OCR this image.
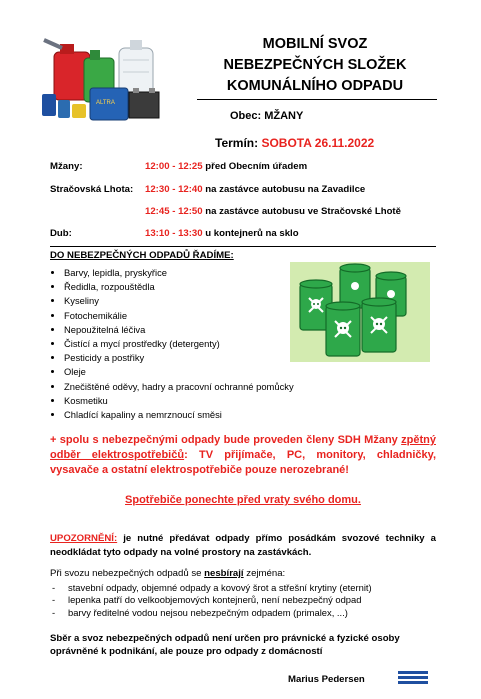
ALTRA
MOBILNÍ SVOZ
NEBEZPEČNÝCH SLOŽEK
KOMUNÁLNÍHO ODPADU
Obec: MŽANY
Termín: SOBOTA 26.11.2022
Mžany:	12:00 - 12:25 před Obecním úřadem
Stračovská Lhota: 12:30 - 12:40 na zastávce autobusu na Zavadilce
12:45 - 12:50 na zastávce autobusu ve Stračovské Lhotě
Dub:	13:10 - 13:30 u kontejnerů na sklo
DO NEBEZPEČNÝCH ODPADŮ ŘADÍME:
• Barvy, lepidla, pryskyřice
• Ředidla, rozpouštědla
• Kyseliny
• Fotochemikálie
• Nepoužitelná léčiva
• Čistící a mycí prostředky (detergenty)
• Pesticidy a postřiky
• Oleje
• Znečištěné oděvy, hadry a pracovní ochranné pomůcky
• Kosmetiku
• Chladící kapaliny a nemrznoucí směsi
+ spolu s nebezpečnými odpady bude proveden členy SDH Mžany zpětný odběr elektrospotřebičů: TV přijímače, PC, monitory, chladničky, vysavače a ostatní elektrospotřebiče pouze nerozebrané!
Spotřebiče ponechte před vraty svého domu.
UPOZORNĚNÍ: je nutné předávat odpady přímo posádkám svozové techniky a neodkládat tyto odpady na volné prostory na zastávkách.
Při svozu nebezpečných odpadů se nesbírají zejména:
- stavební odpady, objemné odpady a kovový šrot a střešní krytiny (eternit)
- lepenka patří do velkoobjemových kontejnerů, není nebezpečný odpad
- barvy ředitelné vodou nejsou nebezpečným odpadem (primalex, ...)
Sběr a svoz nebezpečných odpadů není určen pro právnické a fyzické osoby oprávněné k podnikání, ale pouze pro odpady z domácností
Marius Pedersen
